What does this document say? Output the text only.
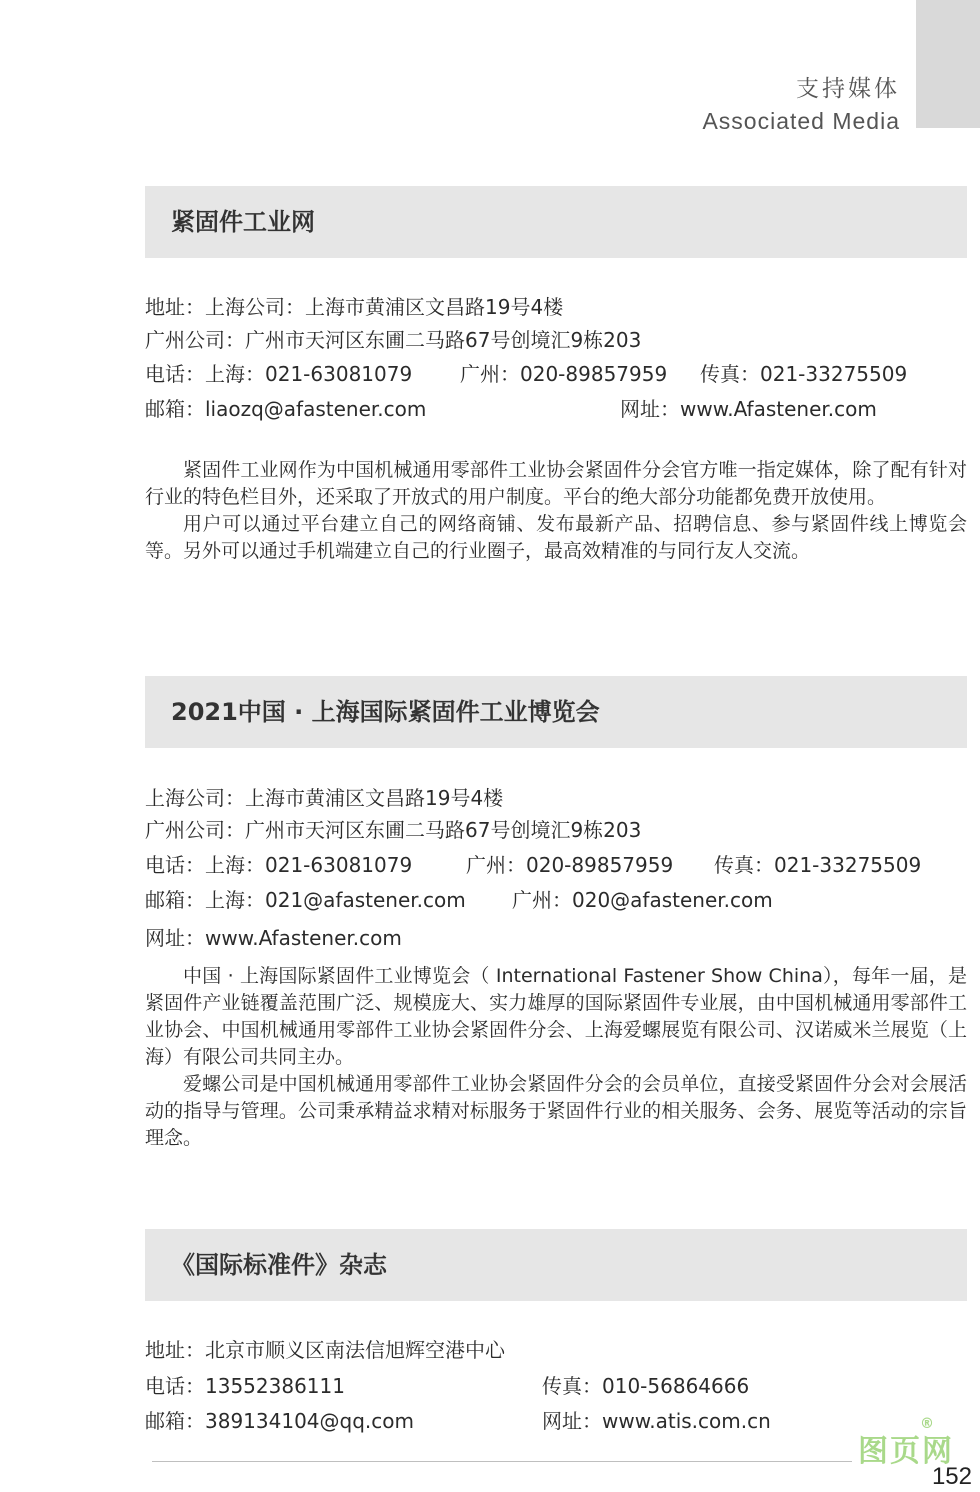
支持媒体
Associated Media
紧固件工业网
地址：上海公司：上海市黄浦区文昌路19号4楼
广州公司：广州市天河区东圃二马路67号创境汇9栋203
电话：上海：021-63081079 广州：020-89857959 传真：021-33275509
邮箱：liaozq@afastener.com	网址：www.Afastener.com

紧固件工业网作为中国机械通用零部件工业协会紧固件分会官方唯一指定媒体，除了配有针对行业的特色栏目外，还采取了开放式的用户制度。平台的绝大部分功能都免费开放使用。

用户可以通过平台建立自己的网络商铺、发布最新产品、招聘信息、参与紧固件线上博览会等。另外可以通过手机端建立自己的行业圈子，最高效精准的与同行友人交流。

2021中国 · 上海国际紧固件工业博览会
上海公司：上海市黄浦区文昌路19号4楼
广州公司：广州市天河区东圃二马路67号创境汇9栋203
电话：上海：021-63081079	广州：020-89857959 传真：021-33275509
邮箱：上海：021@afastener.com 广州：020@afastener.com
网址：www.Afastener.com

中国 · 上海国际紧固件工业博览会（ International Fastener Show China），每年一届，是紧固件产业链覆盖范围广泛、规模庞大、实力雄厚的国际紧固件专业展，由中国机械通用零部件工业协会、中国机械通用零部件工业协会紧固件分会、上海爱螺展览有限公司、汉诺威米兰展览（上海）有限公司共同主办。

爱螺公司是中国机械通用零部件工业协会紧固件分会的会员单位，直接受紧固件分会对会展活动的指导与管理。公司秉承精益求精对标服务于紧固件行业的相关服务、会务、展览等活动的宗旨理念。

《国际标准件》杂志
地址：北京市顺义区南法信旭辉空港中心
电话：13552386111	传真：010-56864666
邮箱：389134104@qq.com	网址：www.atis.com.cn
图页网
®
152
